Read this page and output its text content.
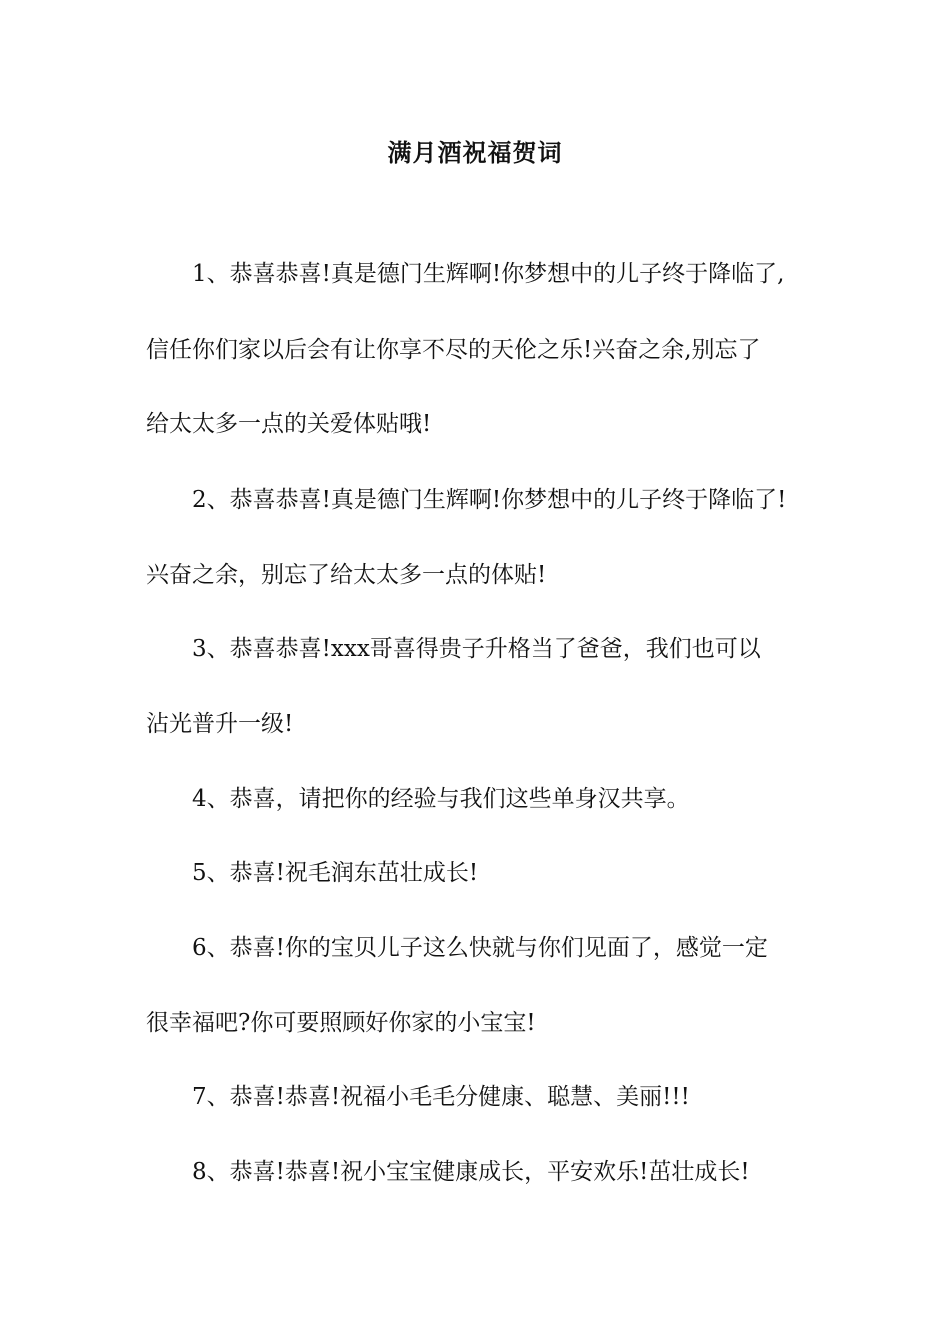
满月酒祝福贺词
1、恭喜恭喜!真是德门生辉啊!你梦想中的儿子终于降临了,
信任你们家以后会有让你享不尽的天伦之乐!兴奋之余,别忘了
给太太多一点的关爱体贴哦!
2、恭喜恭喜!真是德门生辉啊!你梦想中的儿子终于降临了!
兴奋之余，别忘了给太太多一点的体贴!
3、恭喜恭喜!xxx哥喜得贵子升格当了爸爸，我们也可以
沾光普升一级!
4、恭喜，请把你的经验与我们这些单身汉共享。
5、恭喜!祝毛润东茁壮成长!
6、恭喜!你的宝贝儿子这么快就与你们见面了，感觉一定
很幸福吧?你可要照顾好你家的小宝宝!
7、恭喜!恭喜!祝福小毛毛分健康、聪慧、美丽!!!
8、恭喜!恭喜!祝小宝宝健康成长，平安欢乐!茁壮成长!
